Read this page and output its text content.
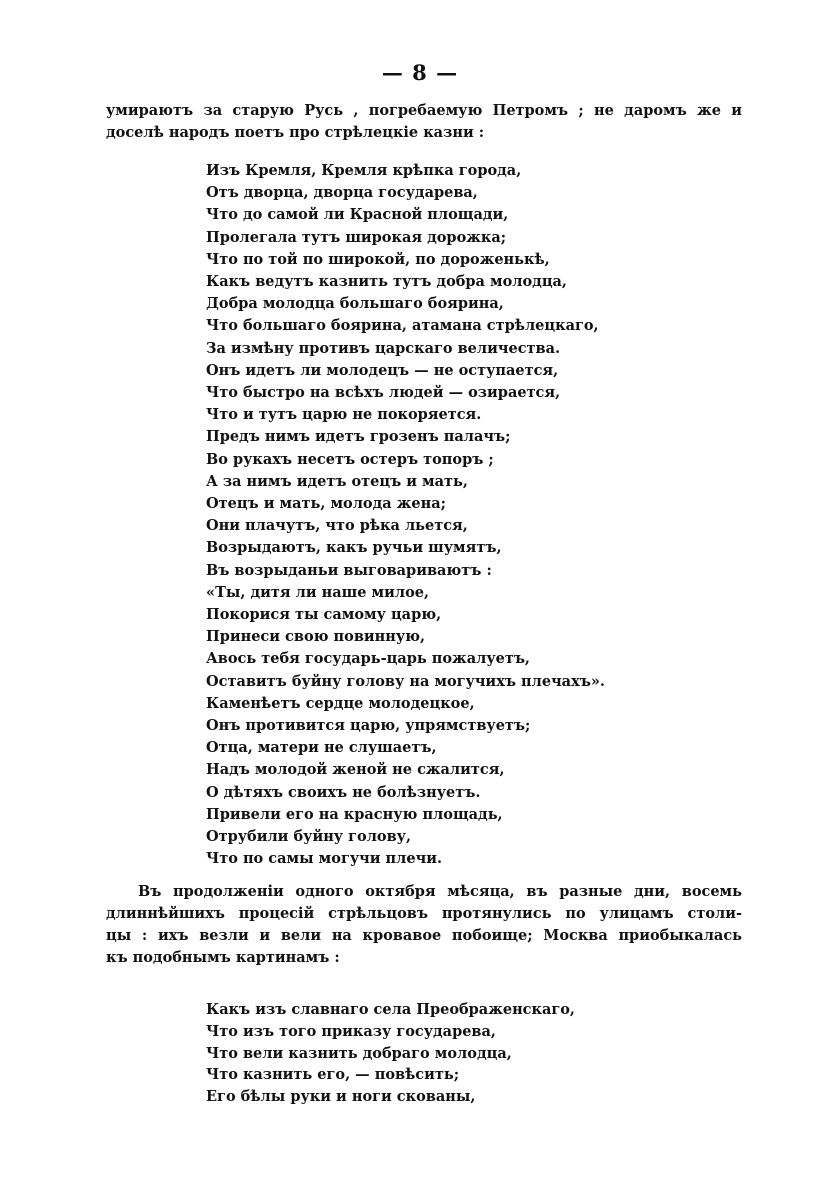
— 8 —
умираютъ за старую Русь , погребаемую Петромъ ; не даромъ же и
доселѣ народъ поетъ про стрѣлецкiе казни :
Изъ Кремля, Кремля крѣпка города,
Отъ дворца, дворца государева,
Что до самой ли Красной площади,
Пролегала тутъ широкая дорожка;
Что по той по широкой, по дороженькѣ,
Какъ ведутъ казнить тутъ добра молодца,
Добра молодца большаго боярина,
Что большаго боярина, атамана стрѣлецкаго,
За измѣну противъ царскаго величества.
Онъ идетъ ли молодецъ — не оступается,
Что быстро на всѣхъ людей — озирается,
Что и тутъ царю не покоряется.
Предъ нимъ идетъ грозенъ палачъ;
Во рукахъ несетъ остеръ топоръ ;
А за нимъ идетъ отецъ и мать,
Отецъ и мать, молода жена;
Они плачутъ, что рѣка льется,
Возрыдаютъ, какъ ручьи шумятъ,
Въ возрыданьи выговариваютъ :
«Ты, дитя ли наше милое,
Покорися ты самому царю,
Принеси свою повинную,
Авось тебя государь-царь пожалуетъ,
Оставитъ буйну голову на могучихъ плечахъ».
Каменѣетъ сердце молодецкое,
Онъ противится царю, упрямствуетъ;
Отца, матери не слушаетъ,
Надъ молодой женой не сжалится,
О дѣтяхъ своихъ не болѣзнуетъ.
Привели его на красную площадь,
Отрубили буйну голову,
Что по самы могучи плечи.
Въ продолженiи одного октября мѣсяца, въ разные дни, восемь
длиннѣйшихъ процесiй стрѣльцовъ протянулись по улицамъ столи-
цы : ихъ везли и вели на кровавое побоище; Москва приобыкалась
къ подобнымъ картинамъ :
Какъ изъ славнаго села Преображенскаго,
Что изъ того приказу государева,
Что вели казнить добраго молодца,
Что казнить его, — повѣсить;
Его бѣлы руки и ноги скованы,
